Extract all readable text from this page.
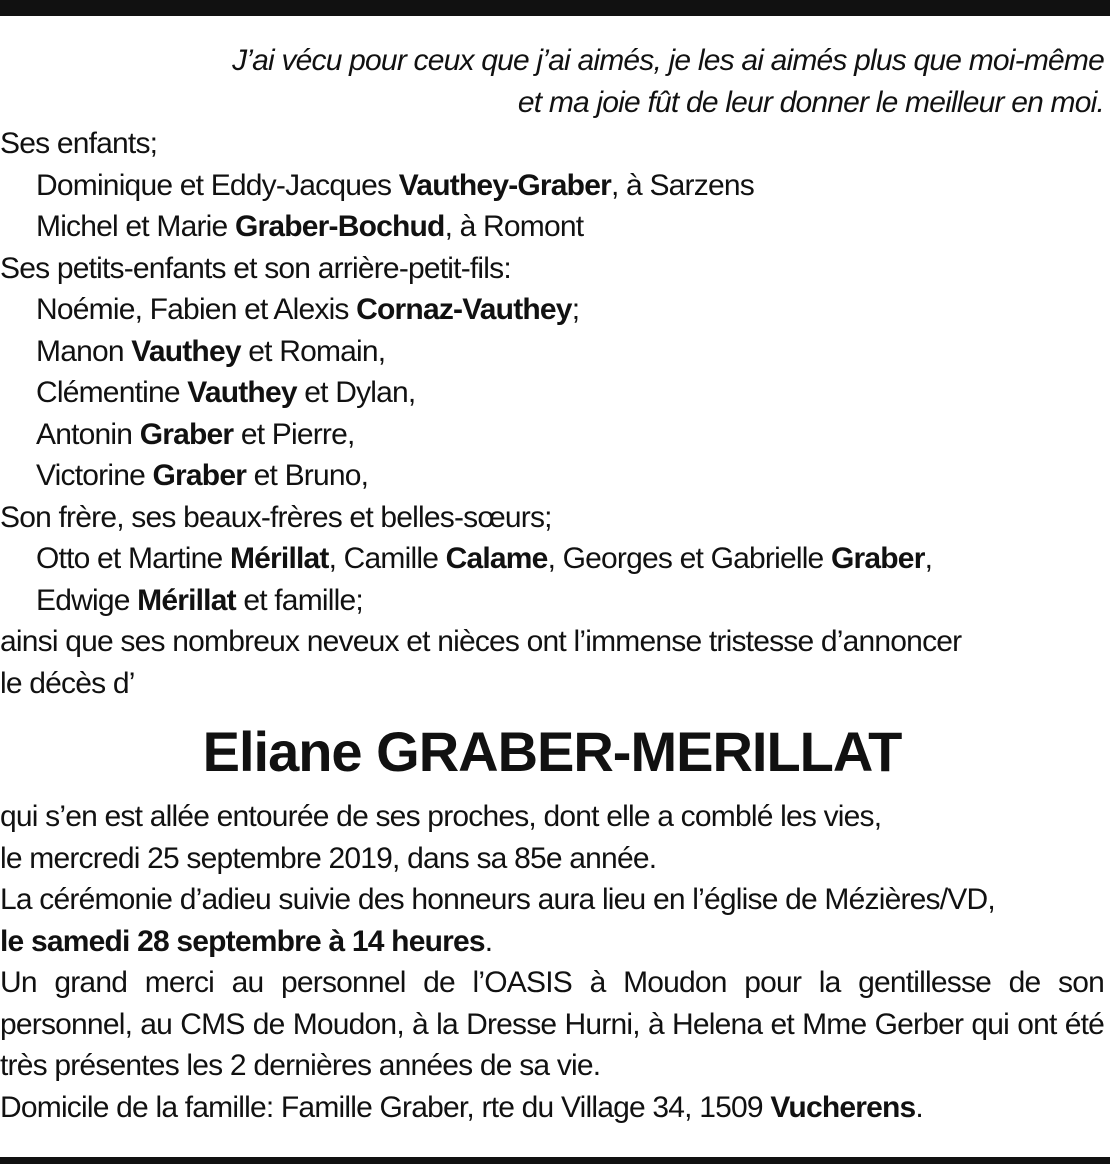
J’ai vécu pour ceux que j’ai aimés, je les ai aimés plus que moi-même
et ma joie fût de leur donner le meilleur en moi.
Ses enfants;
Dominique et Eddy-Jacques Vauthey-Graber, à Sarzens
Michel et Marie Graber-Bochud, à Romont
Ses petits-enfants et son arrière-petit-fils:
Noémie, Fabien et Alexis Cornaz-Vauthey;
Manon Vauthey et Romain,
Clémentine Vauthey et Dylan,
Antonin Graber et Pierre,
Victorine Graber et Bruno,
Son frère, ses beaux-frères et belles-sœurs;
Otto et Martine Mérillat, Camille Calame, Georges et Gabrielle Graber,
Edwige Mérillat et famille;
ainsi que ses nombreux neveux et nièces ont l’immense tristesse d’annoncer
le décès d’
Eliane GRABER-MERILLAT
qui s’en est allée entourée de ses proches, dont elle a comblé les vies,
le mercredi 25 septembre 2019, dans sa 85e année.
La cérémonie d’adieu suivie des honneurs aura lieu en l’église de Mézières/VD,
le samedi 28 septembre à 14 heures.
Un grand merci au personnel de l’OASIS à Moudon pour la gentillesse de son personnel, au CMS de Moudon, à la Dresse Hurni, à Helena et Mme Gerber qui ont été très présentes les 2 dernières années de sa vie.
Domicile de la famille: Famille Graber, rte du Village 34, 1509 Vucherens.
